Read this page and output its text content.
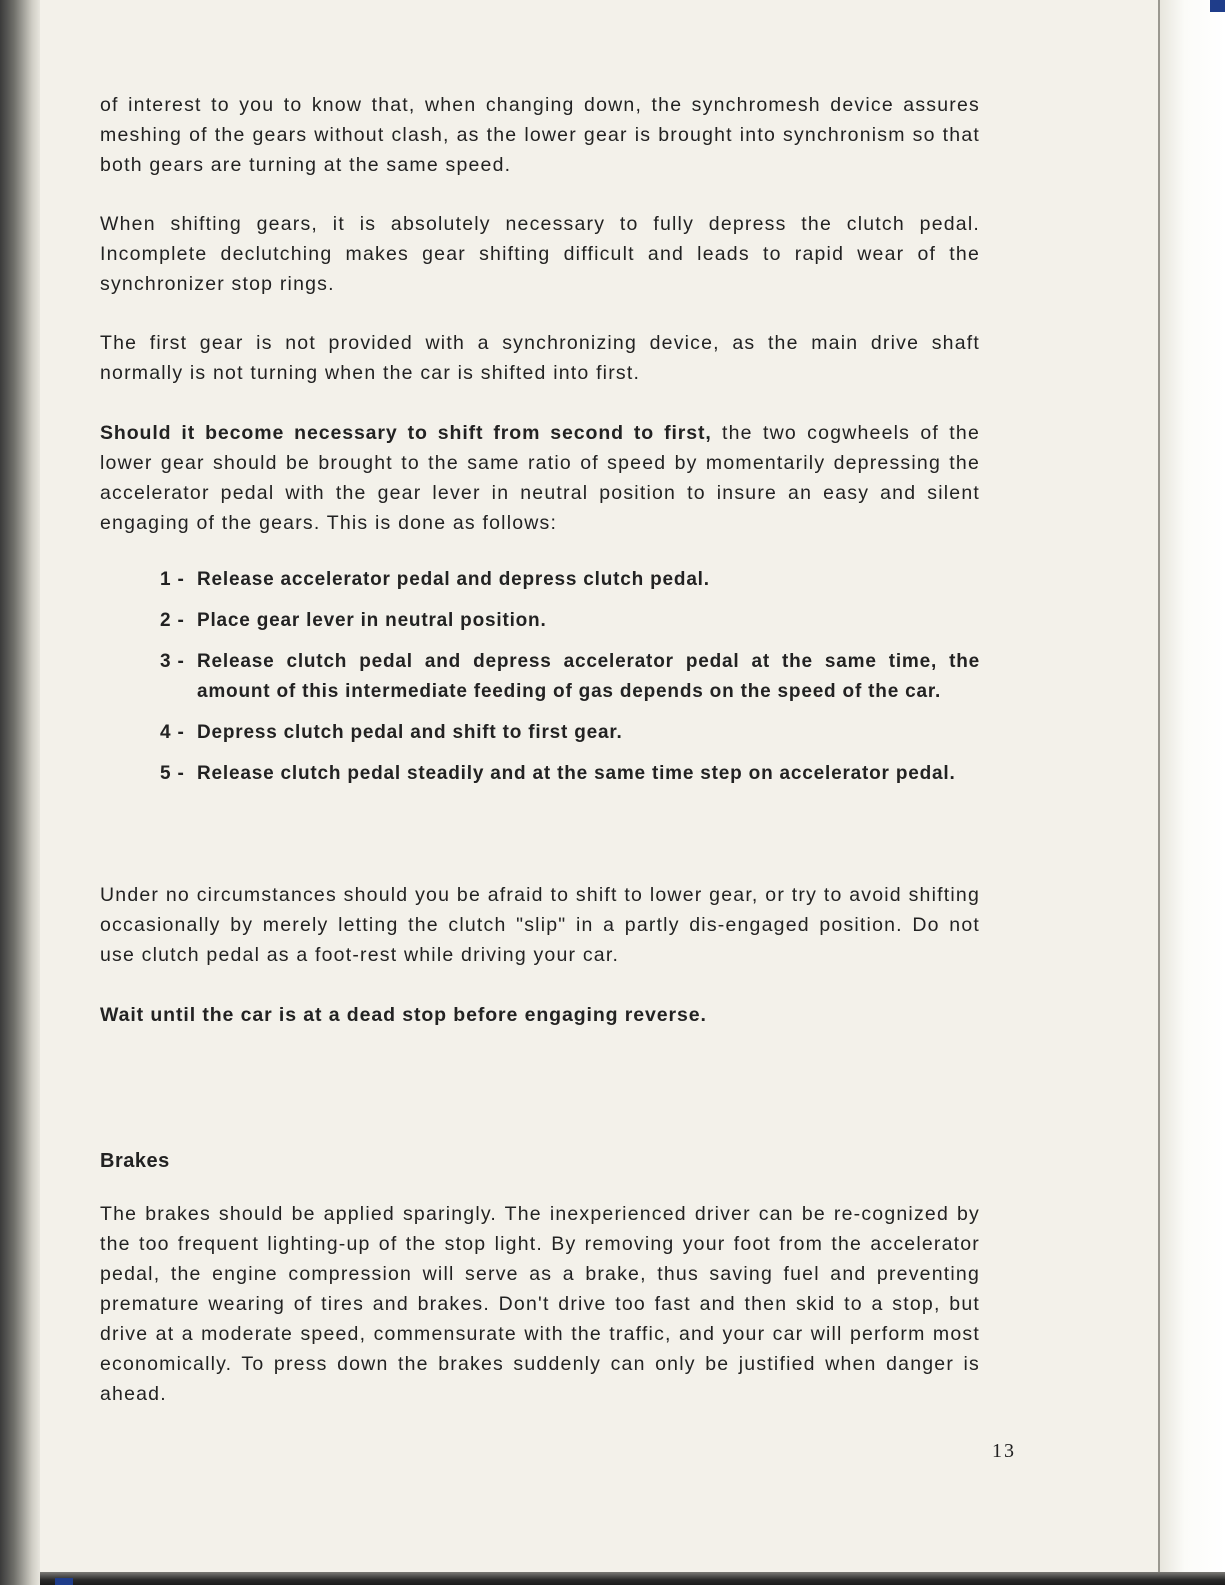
of interest to you to know that, when changing down, the synchromesh device assures meshing of the gears without clash, as the lower gear is brought into synchronism so that both gears are turning at the same speed.

When shifting gears, it is absolutely necessary to fully depress the clutch pedal. Incomplete declutching makes gear shifting difficult and leads to rapid wear of the synchronizer stop rings.

The first gear is not provided with a synchronizing device, as the main drive shaft normally is not turning when the car is shifted into first.

Should it become necessary to shift from second to first, the two cogwheels of the lower gear should be brought to the same ratio of speed by momentarily depressing the accelerator pedal with the gear lever in neutral position to insure an easy and silent engaging of the gears. This is done as follows:

1 - Release accelerator pedal and depress clutch pedal.
2 - Place gear lever in neutral position.
3 - Release clutch pedal and depress accelerator pedal at the same time, the amount of this intermediate feeding of gas depends on the speed of the car.
4 - Depress clutch pedal and shift to first gear.
5 - Release clutch pedal steadily and at the same time step on accelerator pedal.

Under no circumstances should you be afraid to shift to lower gear, or try to avoid shifting occasionally by merely letting the clutch "slip" in a partly dis-engaged position. Do not use clutch pedal as a foot-rest while driving your car.

Wait until the car is at a dead stop before engaging reverse.

Brakes

The brakes should be applied sparingly. The inexperienced driver can be re-cognized by the too frequent lighting-up of the stop light. By removing your foot from the accelerator pedal, the engine compression will serve as a brake, thus saving fuel and preventing premature wearing of tires and brakes. Don't drive too fast and then skid to a stop, but drive at a moderate speed, commensurate with the traffic, and your car will perform most economically. To press down the brakes suddenly can only be justified when danger is ahead.

13
